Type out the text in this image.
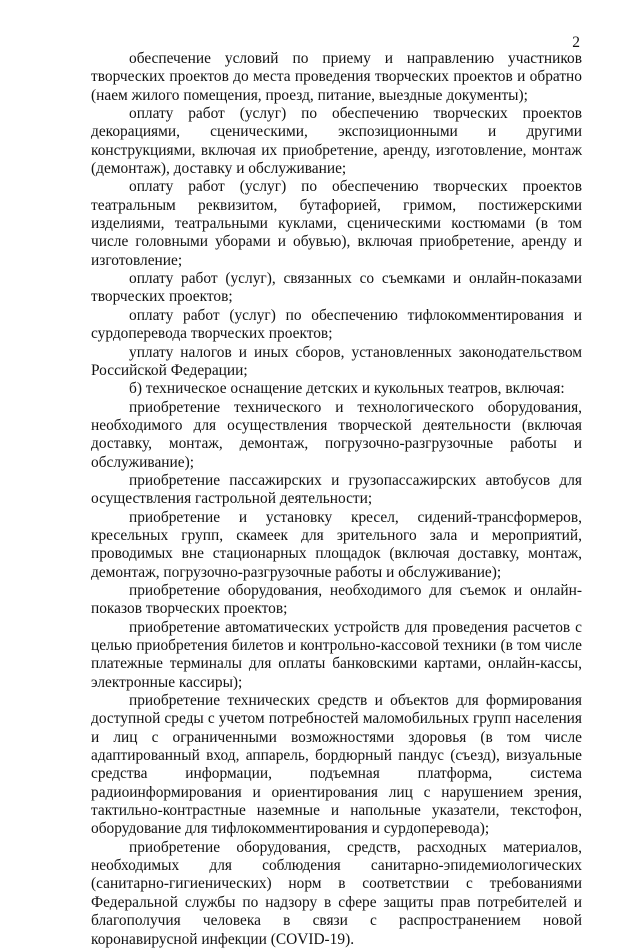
2

обеспечение условий по приему и направлению участников творческих проектов до места проведения творческих проектов и обратно (наем жилого помещения, проезд, питание, выездные документы);

оплату работ (услуг) по обеспечению творческих проектов декорациями, сценическими, экспозиционными и другими конструкциями, включая их приобретение, аренду, изготовление, монтаж (демонтаж), доставку и обслуживание;

оплату работ (услуг) по обеспечению творческих проектов театральным реквизитом, бутафорией, гримом, постижерскими изделиями, театральными куклами, сценическими костюмами (в том числе головными уборами и обувью), включая приобретение, аренду и изготовление;

оплату работ (услуг), связанных со съемками и онлайн-показами творческих проектов;

оплату работ (услуг) по обеспечению тифлокомментирования и сурдоперевода творческих проектов;

уплату налогов и иных сборов, установленных законодательством Российской Федерации;

б) техническое оснащение детских и кукольных театров, включая:

приобретение технического и технологического оборудования, необходимого для осуществления творческой деятельности (включая доставку, монтаж, демонтаж, погрузочно-разгрузочные работы и обслуживание);

приобретение пассажирских и грузопассажирских автобусов для осуществления гастрольной деятельности;

приобретение и установку кресел, сидений-трансформеров, кресельных групп, скамеек для зрительного зала и мероприятий, проводимых вне стационарных площадок (включая доставку, монтаж, демонтаж, погрузочно-разгрузочные работы и обслуживание);

приобретение оборудования, необходимого для съемок и онлайн-показов творческих проектов;

приобретение автоматических устройств для проведения расчетов с целью приобретения билетов и контрольно-кассовой техники (в том числе платежные терминалы для оплаты банковскими картами, онлайн-кассы, электронные кассиры);

приобретение технических средств и объектов для формирования доступной среды с учетом потребностей маломобильных групп населения и лиц с ограниченными возможностями здоровья (в том числе адаптированный вход, аппарель, бордюрный пандус (съезд), визуальные средства информации, подъемная платформа, система радиоинформирования и ориентирования лиц с нарушением зрения, тактильно-контрастные наземные и напольные указатели, текстофон, оборудование для тифлокомментирования и сурдоперевода);

приобретение оборудования, средств, расходных материалов, необходимых для соблюдения санитарно-эпидемиологических (санитарно-гигиенических) норм в соответствии с требованиями Федеральной службы по надзору в сфере защиты прав потребителей и благополучия человека в связи с распространением новой коронавирусной инфекции (COVID-19).
